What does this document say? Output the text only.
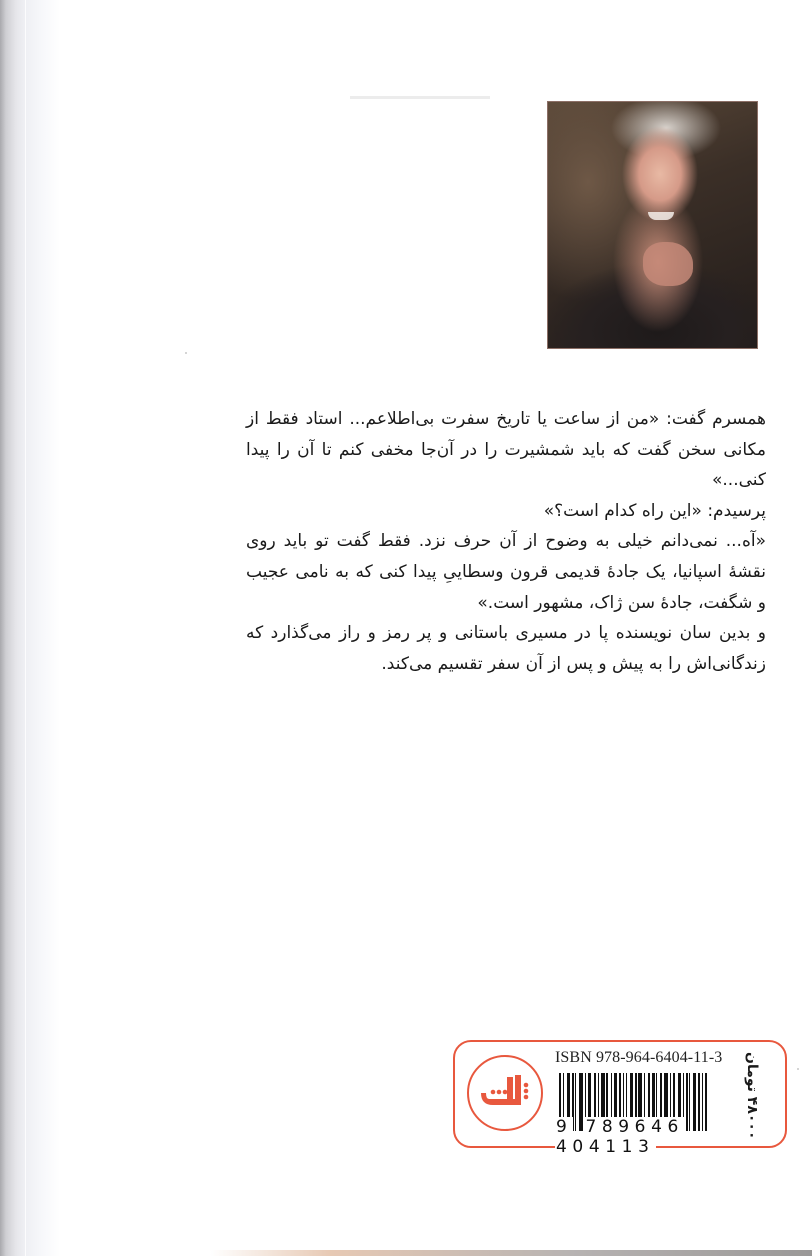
همسرم گفت: «من از ساعت یا تاریخ سفرت بی‌اطلاعم... استاد فقط از مکانی سخن گفت که باید شمشیرت را در آن‌جا مخفی کنم تا آن را پیدا کنی...»

پرسیدم: «این راه کدام است؟»

«آه... نمی‌دانم خیلی به وضوح از آن حرف نزد. فقط گفت تو باید روی نقشهٔ اسپانیا، یک جادهٔ قدیمی قرون وسطاییِ پیدا کنی که به نامی عجیب و شگفت، جادهٔ سن ژاک، مشهور است.»

و بدین سان نویسنده پا در مسیری باستانی و پر رمز و راز می‌گذارد که زندگانی‌اش را به پیش و پس از آن سفر تقسیم می‌کند.

ISBN 978-964-6404-11-3
9 789646 404113
۴۸۰۰۰ تومان
